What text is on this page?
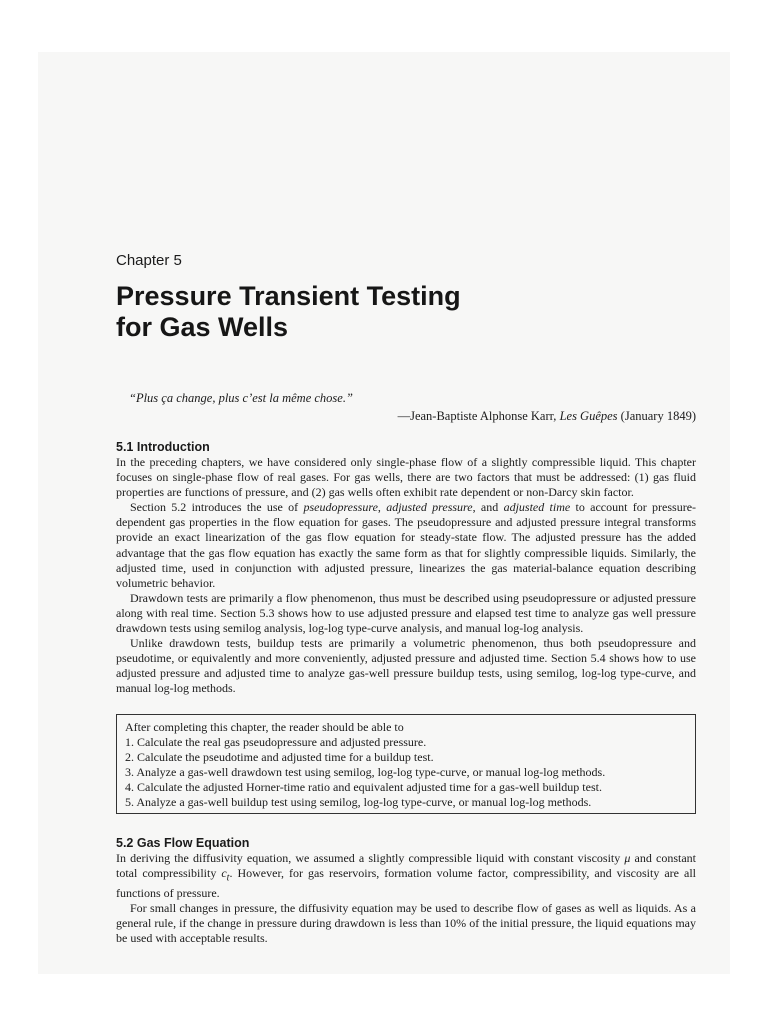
Chapter 5
Pressure Transient Testing
for Gas Wells
“Plus ça change, plus c’est la même chose.”
—Jean-Baptiste Alphonse Karr, Les Guêpes (January 1849)
5.1 Introduction

In the preceding chapters, we have considered only single-phase flow of a slightly compressible liquid. This chapter focuses on single-phase flow of real gases. For gas wells, there are two factors that must be addressed: (1) gas fluid properties are functions of pressure, and (2) gas wells often exhibit rate dependent or non-Darcy skin factor.

Section 5.2 introduces the use of pseudopressure, adjusted pressure, and adjusted time to account for pressure-dependent gas properties in the flow equation for gases. The pseudopressure and adjusted pressure integral transforms provide an exact linearization of the gas flow equation for steady-state flow. The adjusted pressure has the added advantage that the gas flow equation has exactly the same form as that for slightly compressible liquids. Similarly, the adjusted time, used in conjunction with adjusted pressure, linearizes the gas material-balance equation describing volumetric behavior.

Drawdown tests are primarily a flow phenomenon, thus must be described using pseudopressure or adjusted pressure along with real time. Section 5.3 shows how to use adjusted pressure and elapsed test time to analyze gas well pressure drawdown tests using semilog analysis, log-log type-curve analysis, and manual log-log analysis.

Unlike drawdown tests, buildup tests are primarily a volumetric phenomenon, thus both pseudopressure and pseudotime, or equivalently and more conveniently, adjusted pressure and adjusted time. Section 5.4 shows how to use adjusted pressure and adjusted time to analyze gas-well pressure buildup tests, using semilog, log-log type-curve, and manual log-log methods.

After completing this chapter, the reader should be able to
1. Calculate the real gas pseudopressure and adjusted pressure.
2. Calculate the pseudotime and adjusted time for a buildup test.
3. Analyze a gas-well drawdown test using semilog, log-log type-curve, or manual log-log methods.
4. Calculate the adjusted Horner-time ratio and equivalent adjusted time for a gas-well buildup test.
5. Analyze a gas-well buildup test using semilog, log-log type-curve, or manual log-log methods.
5.2 Gas Flow Equation

In deriving the diffusivity equation, we assumed a slightly compressible liquid with constant viscosity μ and constant total compressibility $c_t$. However, for gas reservoirs, formation volume factor, compressibility, and viscosity are all functions of pressure.

For small changes in pressure, the diffusivity equation may be used to describe flow of gases as well as liquids. As a general rule, if the change in pressure during drawdown is less than 10% of the initial pressure, the liquid equations may be used with acceptable results.
